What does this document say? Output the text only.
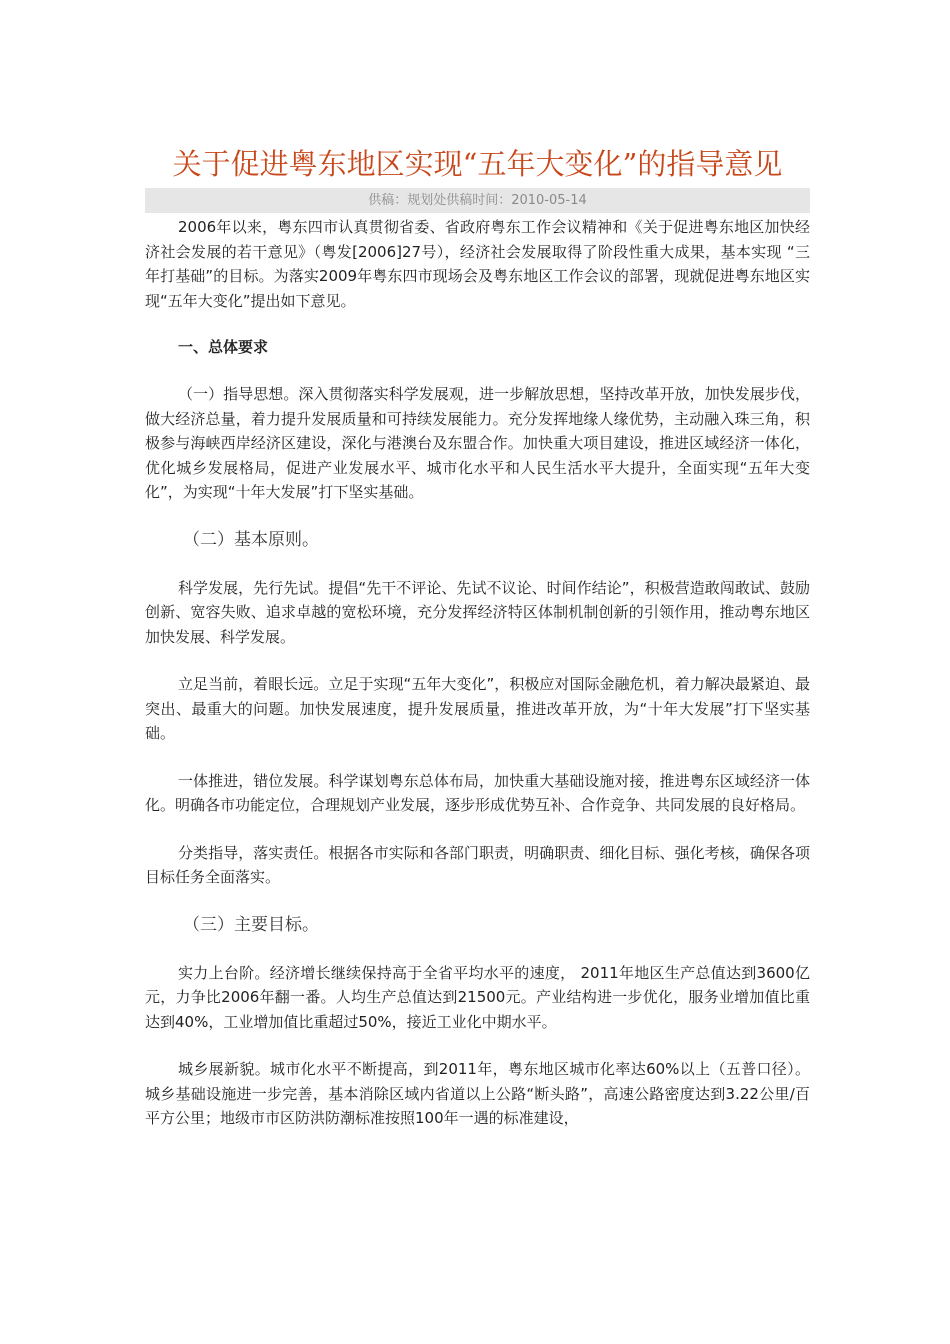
关于促进粤东地区实现“五年大变化”的指导意见
供稿：规划处供稿时间：2010-05-14

2006年以来，粤东四市认真贯彻省委、省政府粤东工作会议精神和《关于促进粤东地区加快经济社会发展的若干意见》（粤发[2006]27号），经济社会发展取得了阶段性重大成果，基本实现 “三年打基础”的目标。为落实2009年粤东四市现场会及粤东地区工作会议的部署，现就促进粤东地区实现“五年大变化”提出如下意见。

一、总体要求

（一）指导思想。深入贯彻落实科学发展观，进一步解放思想，坚持改革开放，加快发展步伐，做大经济总量，着力提升发展质量和可持续发展能力。充分发挥地缘人缘优势，主动融入珠三角，积极参与海峡西岸经济区建设，深化与港澳台及东盟合作。加快重大项目建设，推进区域经济一体化，优化城乡发展格局，促进产业发展水平、城市化水平和人民生活水平大提升，全面实现“五年大变化”，为实现“十年大发展”打下坚实基础。

（二）基本原则。

科学发展，先行先试。提倡“先干不评论、先试不议论、时间作结论”，积极营造敢闯敢试、鼓励创新、宽容失败、追求卓越的宽松环境，充分发挥经济特区体制机制创新的引领作用，推动粤东地区加快发展、科学发展。

立足当前，着眼长远。立足于实现“五年大变化”，积极应对国际金融危机，着力解决最紧迫、最突出、最重大的问题。加快发展速度，提升发展质量，推进改革开放，为“十年大发展”打下坚实基础。

一体推进，错位发展。科学谋划粤东总体布局，加快重大基础设施对接，推进粤东区域经济一体化。明确各市功能定位，合理规划产业发展，逐步形成优势互补、合作竞争、共同发展的良好格局。

分类指导，落实责任。根据各市实际和各部门职责，明确职责、细化目标、强化考核，确保各项目标任务全面落实。

（三）主要目标。

实力上台阶。经济增长继续保持高于全省平均水平的速度， 2011年地区生产总值达到3600亿元，力争比2006年翻一番。人均生产总值达到21500元。产业结构进一步优化，服务业增加值比重达到40%，工业增加值比重超过50%，接近工业化中期水平。

城乡展新貌。城市化水平不断提高，到2011年，粤东地区城市化率达60%以上（五普口径）。城乡基础设施进一步完善，基本消除区域内省道以上公路“断头路”，高速公路密度达到3.22公里/百平方公里；地级市市区防洪防潮标准按照100年一遇的标准建设，
